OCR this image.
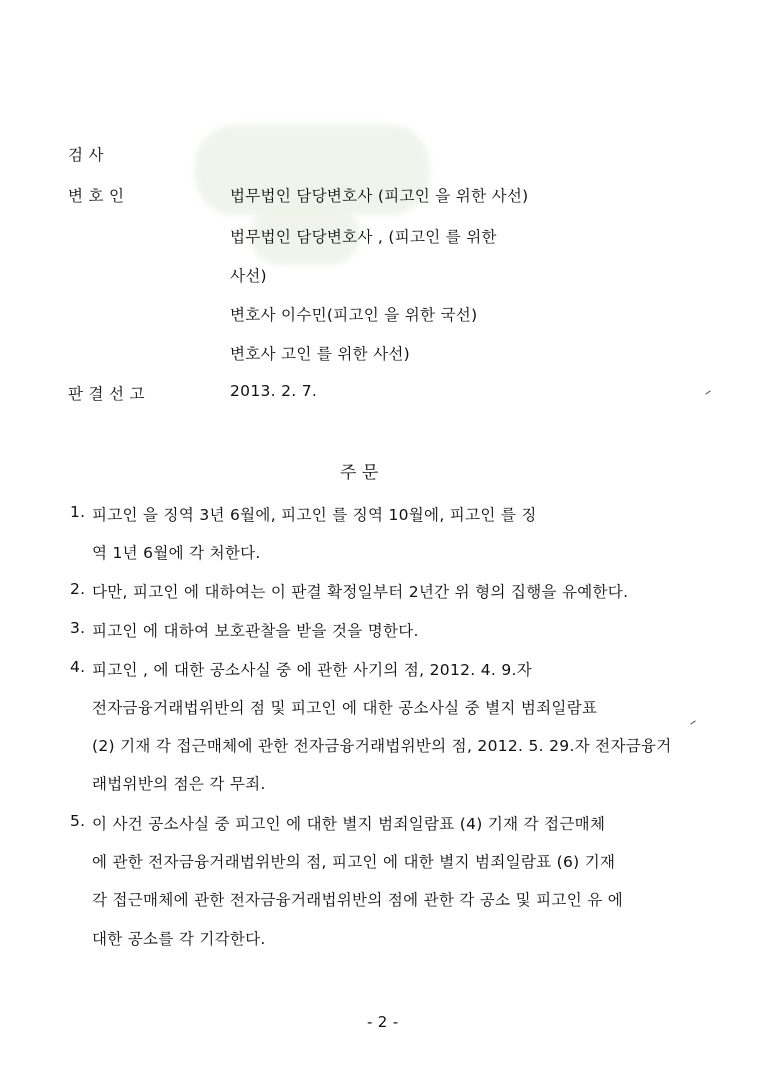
검 사
변 호 인	법무법인 담당변호사 (피고인 을 위한 사선)
법무법인 담당변호사 , (피고인 를 위한
사선)
변호사 이수민(피고인 을 위한 국선)
변호사 고인 를 위한 사선)
판 결 선 고	2013. 2. 7.
주 문
1. 피고인 을 징역 3년 6월에, 피고인 를 징역 10월에, 피고인 를 징
역 1년 6월에 각 처한다.
2. 다만, 피고인 에 대하여는 이 판결 확정일부터 2년간 위 형의 집행을 유예한다.
3. 피고인 에 대하여 보호관찰을 받을 것을 명한다.
4. 피고인 , 에 대한 공소사실 중 에 관한 사기의 점, 2012. 4. 9.자
전자금융거래법위반의 점 및 피고인 에 대한 공소사실 중 별지 범죄일람표
(2) 기재 각 접근매체에 관한 전자금융거래법위반의 점, 2012. 5. 29.자 전자금융거
래법위반의 점은 각 무죄.
5. 이 사건 공소사실 중 피고인 에 대한 별지 범죄일람표 (4) 기재 각 접근매체
에 관한 전자금융거래법위반의 점, 피고인 에 대한 별지 범죄일람표 (6) 기재
각 접근매체에 관한 전자금융거래법위반의 점에 관한 각 공소 및 피고인 유 에
대한 공소를 각 기각한다.
- 2 -
